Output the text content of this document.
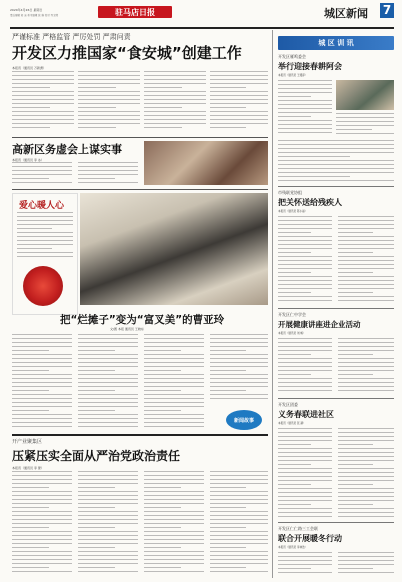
2020年4月26日 星期日
责任编辑 刘 泳 美术编辑 张 娟 校对 苏文明	驻马店日报	城区新闻 7
严谨标准 严格监管 严厉处罚 严肃问责
开发区力推国家“食安城”创建工作
本报讯（通讯员 万新源）
高新区务虚会上谋实事
本报讯（通讯员 李 冰）
爱心暖人心
把“烂摊子”变为“富叉美”的曹亚玲
文/图 本报 通讯员 王晓东
新闻故事
开产业聚集区
压紧压实全面从严治党政治责任
本报讯（通讯员 李 蒙）
城 区 训 讯
开发区雁鸣委会
举行迎接春耕阿会
本报讯（通讯员 王娅淳）
市残联党协组
把关怀送给残疾人
本报讯（通讯员 陈小丽）
开发区仁中学会
开展健康讲座进企业活动
本报讯（通讯员 刘 畅）
开发区团委
义务春联进社区
本报讯（通讯员 张 越）
开发区仁仁路三工会联
联合开展暖冬行动
本报讯（通讯员 李林浩）
